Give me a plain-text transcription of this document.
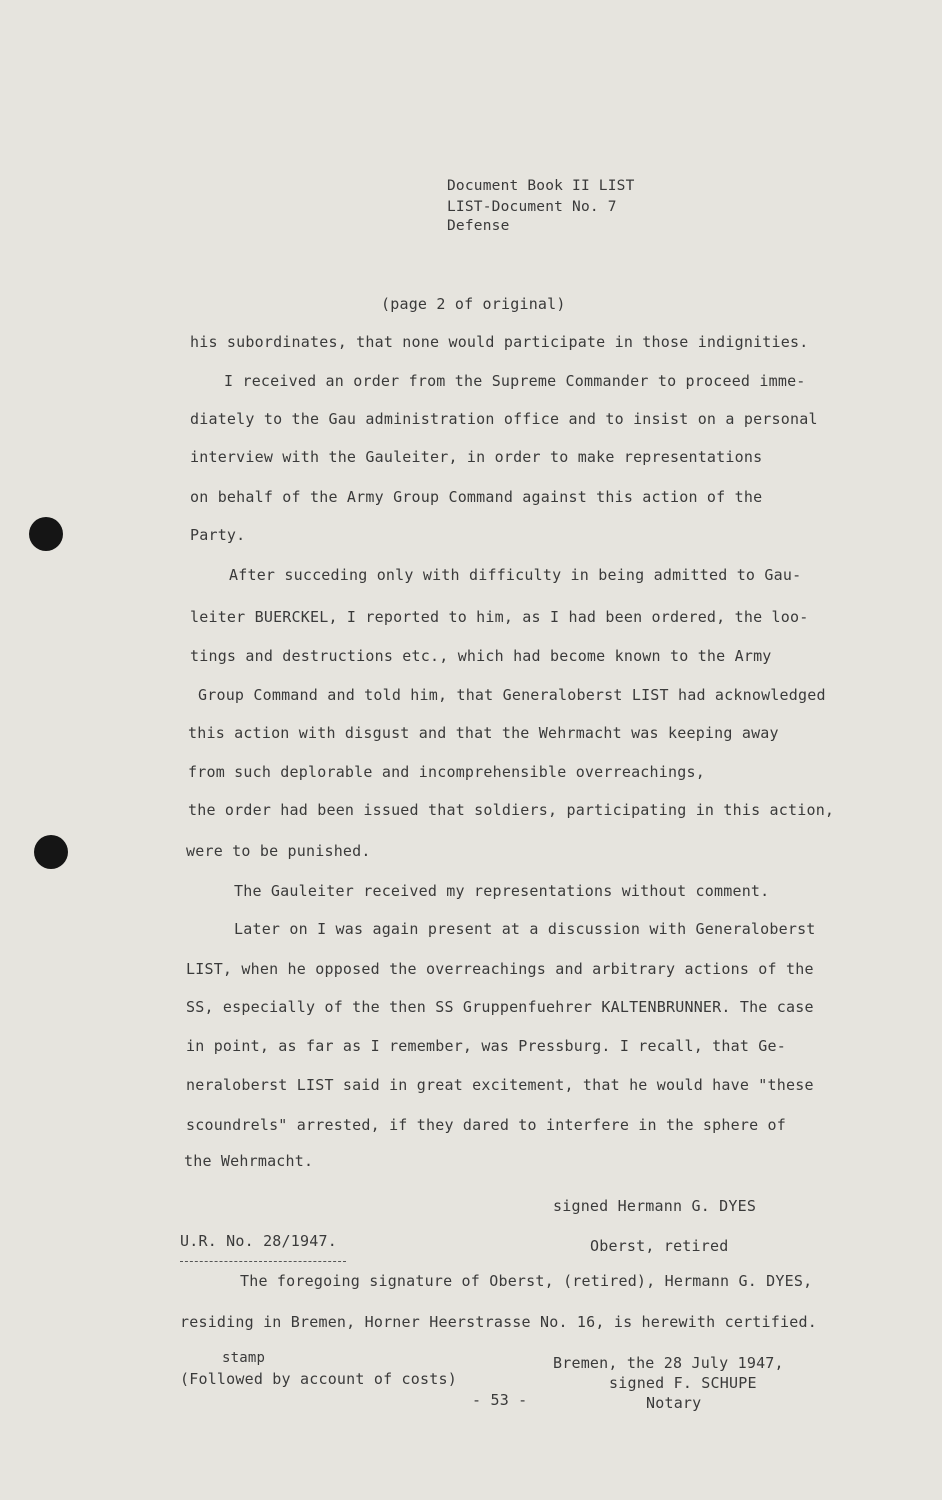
Document Book II LIST
LIST-Document No. 7
Defense
(page 2 of original)
his subordinates, that none would participate in those indignities.
I received an order from the Supreme Commander to proceed imme-
diately to the Gau administration office and to insist on a personal
interview with the Gauleiter, in order to make representations
on behalf of the Army Group Command against this action of the
Party.
After succeding only with difficulty in being admitted to Gau-
leiter BUERCKEL, I reported to him, as I had been ordered, the loo-
tings and destructions etc., which had become known to the Army
Group Command and told him, that Generaloberst LIST had acknowledged
this action with disgust and that the Wehrmacht was keeping away
from such deplorable and incomprehensible overreachings,
the order had been issued that soldiers, participating in this action,
were to be punished.
The Gauleiter received my representations without comment.
Later on I was again present at a discussion with Generaloberst
LIST, when he opposed the overreachings and arbitrary actions of the
SS, especially of the then SS Gruppenfuehrer KALTENBRUNNER. The case
in point, as far as I remember, was Pressburg. I recall, that Ge-
neraloberst LIST said in great excitement, that he would have "these
scoundrels" arrested, if they dared to interfere in the sphere of
the Wehrmacht.
signed Hermann G. DYES
Oberst, retired
U.R. No. 28/1947.
The foregoing signature of Oberst, (retired), Hermann G. DYES,
residing in Bremen, Horner Heerstrasse No. 16, is herewith certified.
stamp
(Followed by account of costs)
Bremen, the 28 July 1947,
signed F. SCHUPE
Notary
- 53 -
